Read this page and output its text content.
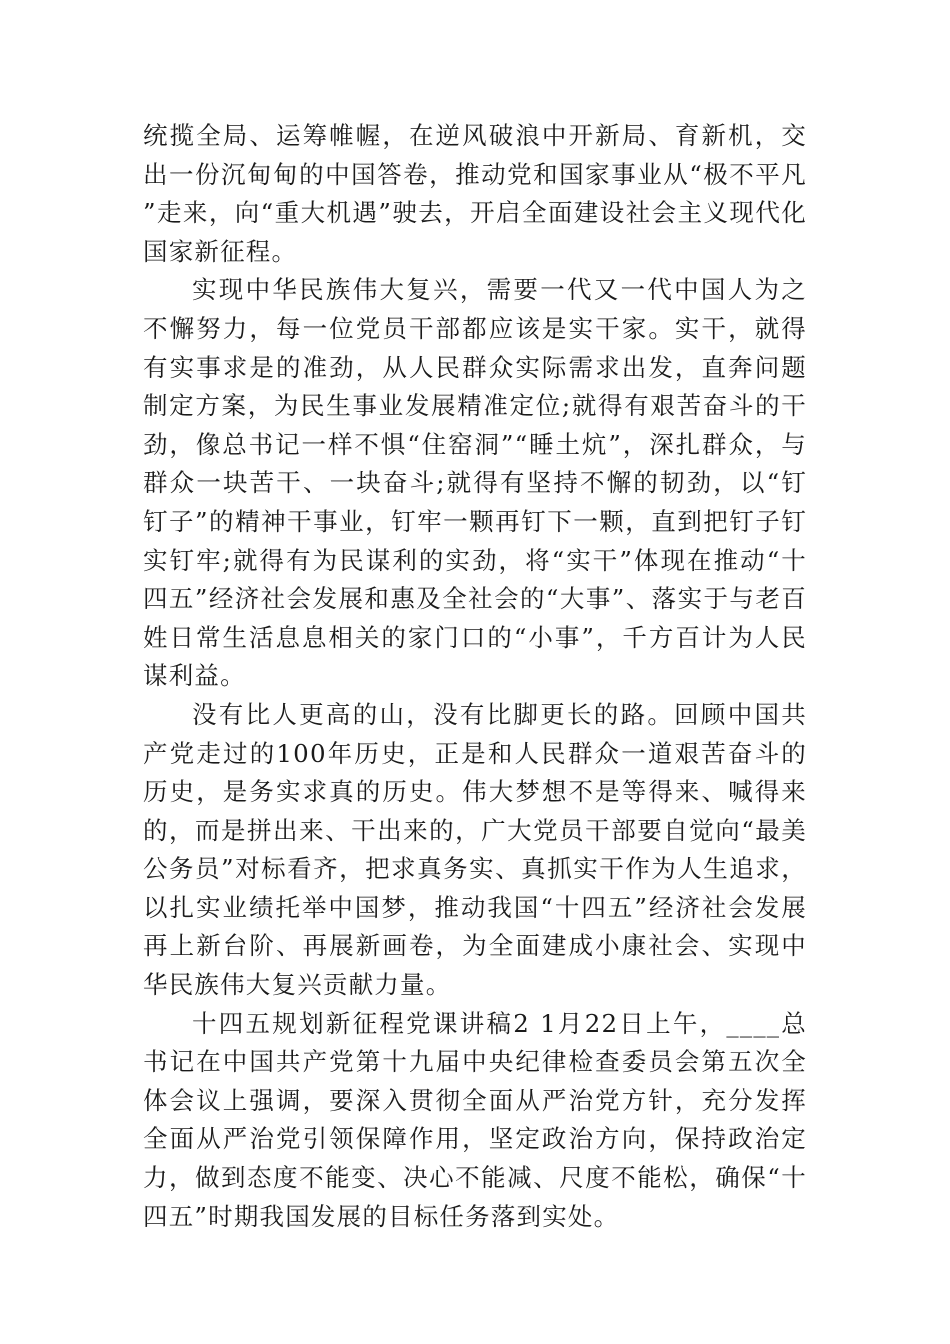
统揽全局、运筹帷幄，在逆风破浪中开新局、育新机，交出一份沉甸甸的中国答卷，推动党和国家事业从“极不平凡”走来，向“重大机遇”驶去，开启全面建设社会主义现代化国家新征程。

实现中华民族伟大复兴，需要一代又一代中国人为之不懈努力，每一位党员干部都应该是实干家。实干，就得有实事求是的准劲，从人民群众实际需求出发，直奔问题制定方案，为民生事业发展精准定位;就得有艰苦奋斗的干劲，像总书记一样不惧“住窑洞”“睡土炕”，深扎群众，与群众一块苦干、一块奋斗;就得有坚持不懈的韧劲，以“钉钉子”的精神干事业，钉牢一颗再钉下一颗，直到把钉子钉实钉牢;就得有为民谋利的实劲，将“实干”体现在推动“十四五”经济社会发展和惠及全社会的“大事”、落实于与老百姓日常生活息息相关的家门口的“小事”，千方百计为人民谋利益。

没有比人更高的山，没有比脚更长的路。回顾中国共产党走过的100年历史，正是和人民群众一道艰苦奋斗的历史，是务实求真的历史。伟大梦想不是等得来、喊得来的，而是拼出来、干出来的，广大党员干部要自觉向“最美公务员”对标看齐，把求真务实、真抓实干作为人生追求，以扎实业绩托举中国梦，推动我国“十四五”经济社会发展再上新台阶、再展新画卷，为全面建成小康社会、实现中华民族伟大复兴贡献力量。

十四五规划新征程党课讲稿2 1月22日上午，____总书记在中国共产党第十九届中央纪律检查委员会第五次全体会议上强调，要深入贯彻全面从严治党方针，充分发挥全面从严治党引领保障作用，坚定政治方向，保持政治定力，做到态度不能变、决心不能减、尺度不能松，确保“十四五”时期我国发展的目标任务落到实处。
